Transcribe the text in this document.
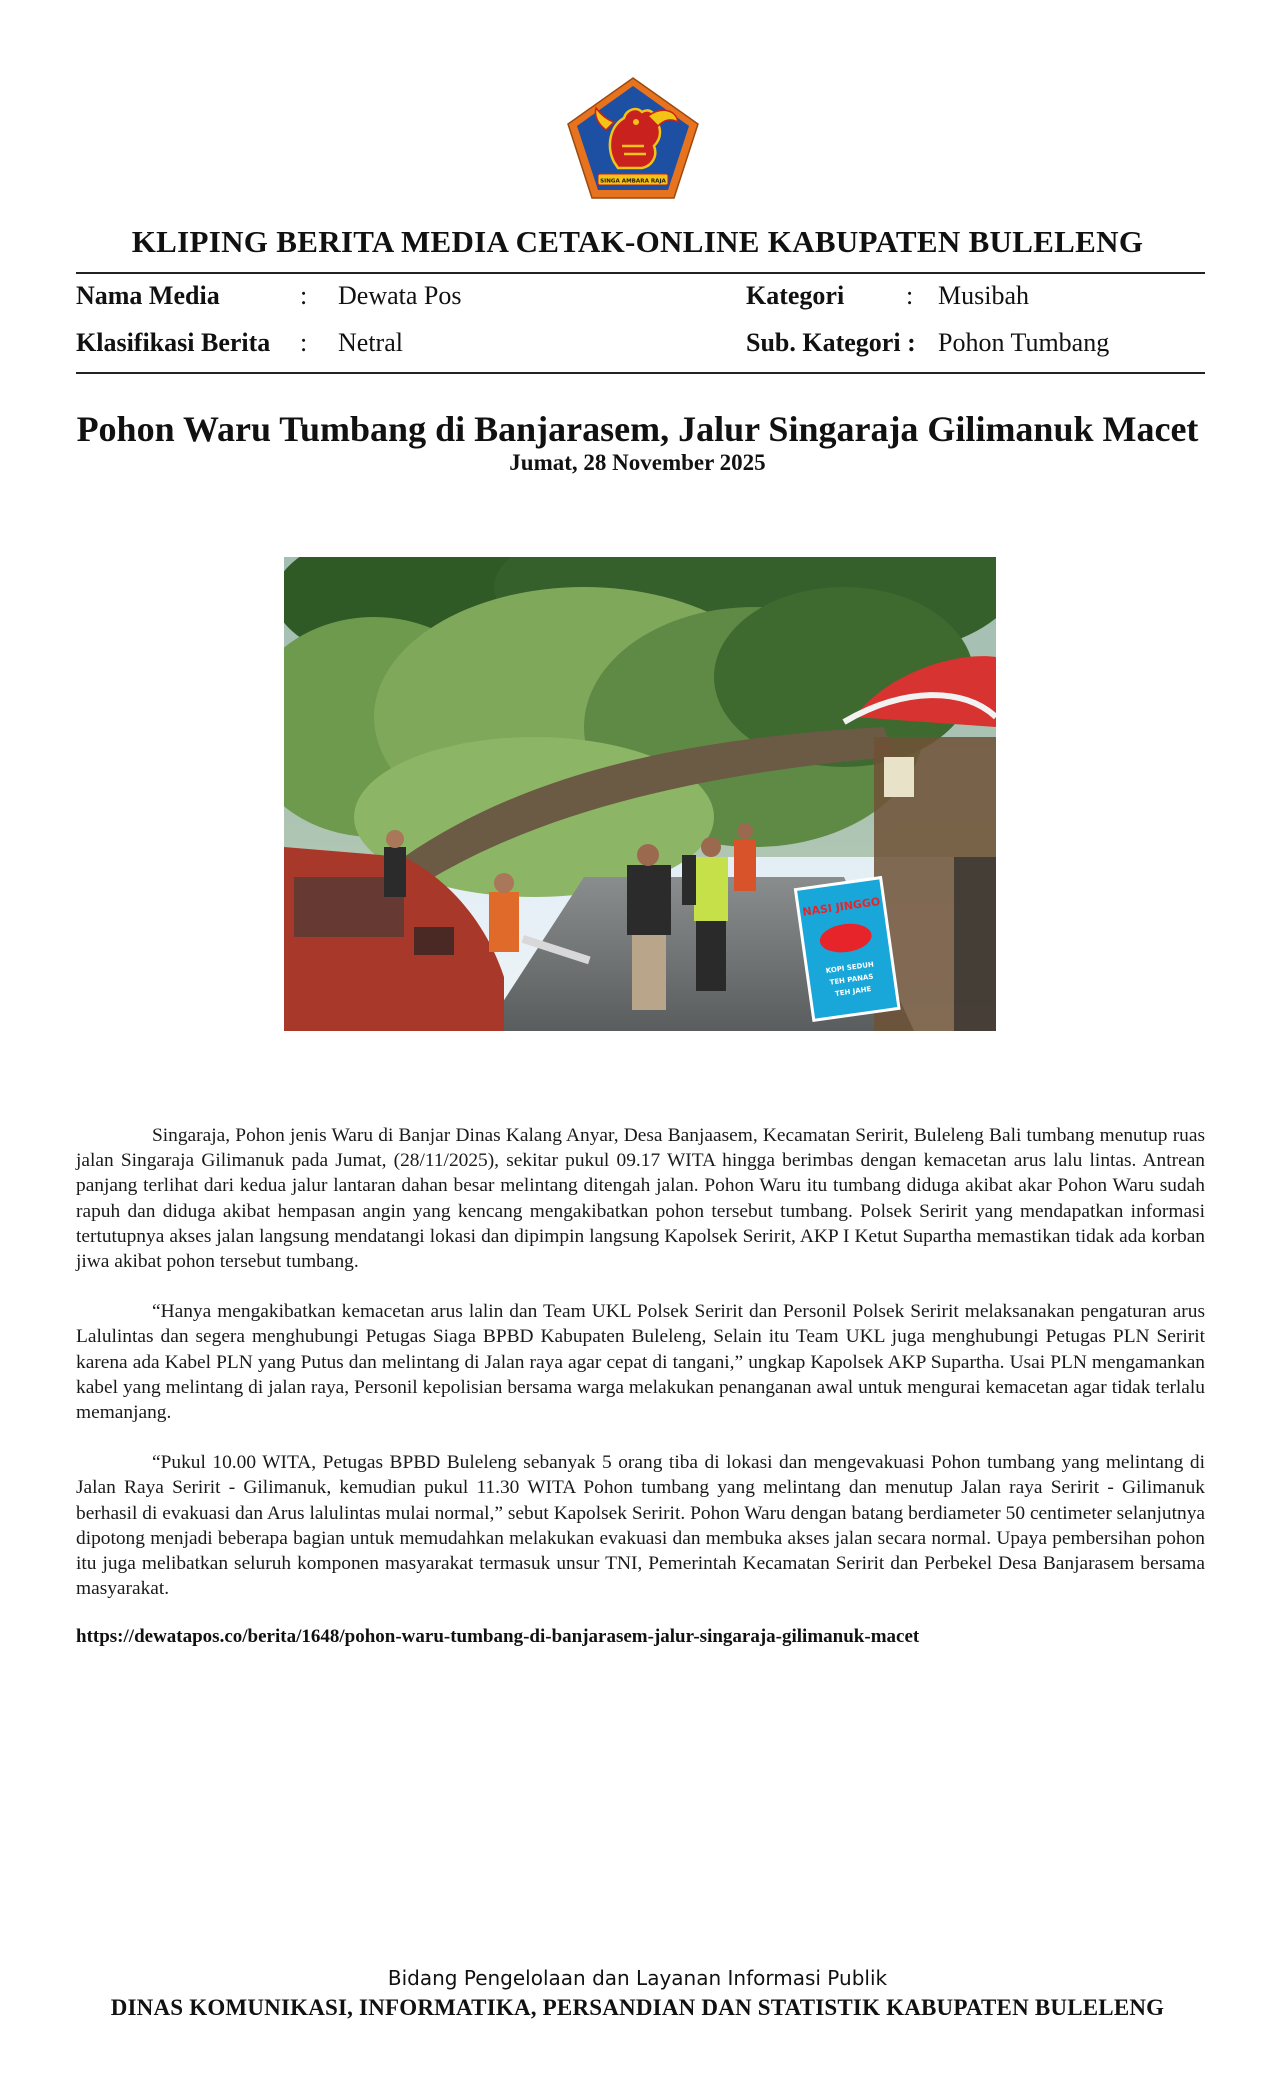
SINGA AMBARA RAJA
KLIPING BERITA MEDIA CETAK-ONLINE KABUPATEN BULELENG
Nama Media	: Dewata Pos	Kategori : Musibah
Klasifikasi Berita : Netral	Sub. Kategori : Pohon Tumbang
Pohon Waru Tumbang di Banjarasem, Jalur Singaraja Gilimanuk Macet
Jumat, 28 November 2025
NASI JINGGO
KOPI SEDUH
TEH PANAS
TEH JAHE

Singaraja, Pohon jenis Waru di Banjar Dinas Kalang Anyar, Desa Banjaasem, Kecamatan Seririt, Buleleng Bali tumbang menutup ruas jalan Singaraja Gilimanuk pada Jumat, (28/11/2025), sekitar pukul 09.17 WITA hingga berimbas dengan kemacetan arus lalu lintas. Antrean panjang terlihat dari kedua jalur lantaran dahan besar melintang ditengah jalan. Pohon Waru itu tumbang diduga akibat akar Pohon Waru sudah rapuh dan diduga akibat hempasan angin yang kencang mengakibatkan pohon tersebut tumbang. Polsek Seririt yang mendapatkan informasi tertutupnya akses jalan langsung mendatangi lokasi dan dipimpin langsung Kapolsek Seririt, AKP I Ketut Supartha memastikan tidak ada korban jiwa akibat pohon tersebut tumbang.

“Hanya mengakibatkan kemacetan arus lalin dan Team UKL Polsek Seririt dan Personil Polsek Seririt melaksanakan pengaturan arus Lalulintas dan segera menghubungi Petugas Siaga BPBD Kabupaten Buleleng, Selain itu Team UKL juga menghubungi Petugas PLN Seririt karena ada Kabel PLN yang Putus dan melintang di Jalan raya agar cepat di tangani,” ungkap Kapolsek AKP Supartha. Usai PLN mengamankan kabel yang melintang di jalan raya, Personil kepolisian bersama warga melakukan penanganan awal untuk mengurai kemacetan agar tidak terlalu memanjang.

“Pukul 10.00 WITA, Petugas BPBD Buleleng sebanyak 5 orang tiba di lokasi dan mengevakuasi Pohon tumbang yang melintang di Jalan Raya Seririt - Gilimanuk, kemudian pukul 11.30 WITA Pohon tumbang yang melintang dan menutup Jalan raya Seririt - Gilimanuk berhasil di evakuasi dan Arus lalulintas mulai normal,” sebut Kapolsek Seririt. Pohon Waru dengan batang berdiameter 50 centimeter selanjutnya dipotong menjadi beberapa bagian untuk memudahkan melakukan evakuasi dan membuka akses jalan secara normal. Upaya pembersihan pohon itu juga melibatkan seluruh komponen masyarakat termasuk unsur TNI, Pemerintah Kecamatan Seririt dan Perbekel Desa Banjarasem bersama masyarakat.

https://dewatapos.co/berita/1648/pohon-waru-tumbang-di-banjarasem-jalur-singaraja-gilimanuk-macet
Bidang Pengelolaan dan Layanan Informasi Publik
DINAS KOMUNIKASI, INFORMATIKA, PERSANDIAN DAN STATISTIK KABUPATEN BULELENG
